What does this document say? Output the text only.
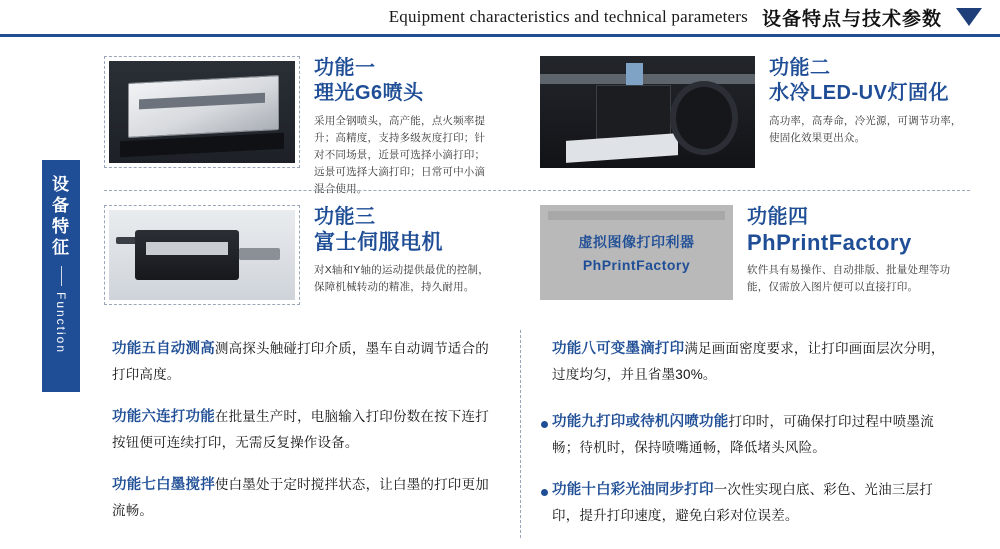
Equipment characteristics and technical parameters 设备特点与技术参数
设
备
特
征
Function
功能一
理光G6喷头
采用全钢喷头，高产能，点火频率提升；高精度，支持多级灰度打印；针对不同场景，近景可选择小滴打印；远景可选择大滴打印；日常可中小滴混合使用。
功能二
水冷LED-UV灯固化
高功率，高寿命，冷光源，可调节功率，使固化效果更出众。
功能三
富士伺服电机
对X轴和Y轴的运动提供最优的控制，保障机械转动的精准，持久耐用。
虚拟图像打印利器
PhPrintFactory
功能四
PhPrintFactory
软件具有易操作、自动排版、批量处理等功能，仅需放入图片便可以直接打印。
功能五自动测高测高探头触碰打印介质，墨车自动调节适合的打印高度。
功能六连打功能在批量生产时，电脑输入打印份数在按下连打按钮便可连续打印，无需反复操作设备。
功能七白墨搅拌使白墨处于定时搅拌状态，让白墨的打印更加流畅。
功能八可变墨滴打印满足画面密度要求，让打印画面层次分明，过度均匀，并且省墨30%。
功能九打印或待机闪喷功能打印时，可确保打印过程中喷墨流畅；待机时，保持喷嘴通畅，降低堵头风险。
功能十白彩光油同步打印一次性实现白底、彩色、光油三层打印，提升打印速度，避免白彩对位误差。
